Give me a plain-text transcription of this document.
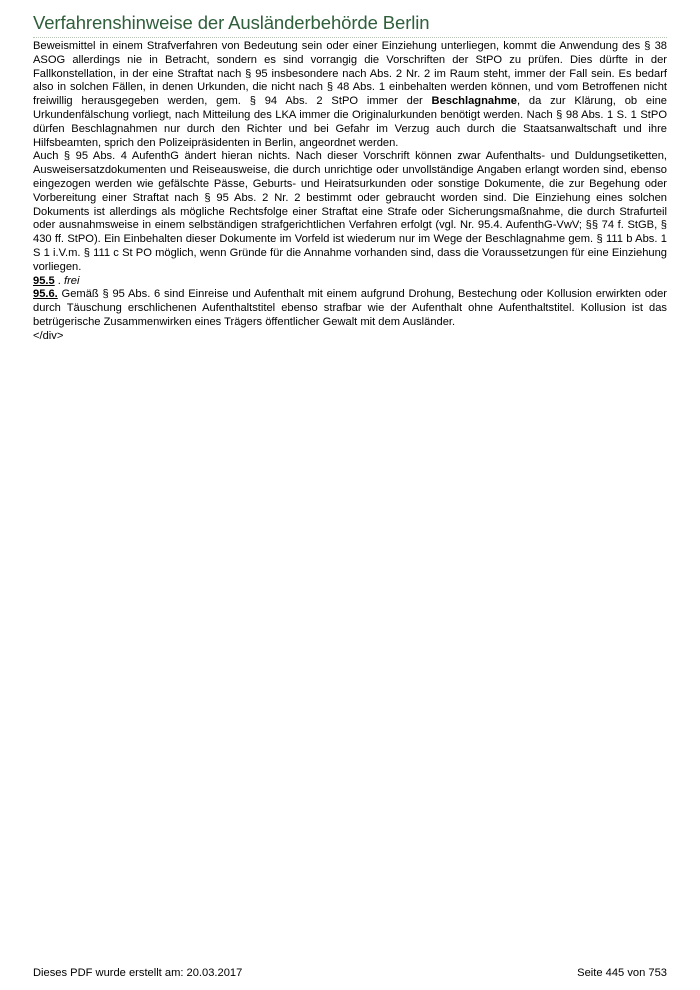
Verfahrenshinweise der Ausländerbehörde Berlin

Beweismittel in einem Strafverfahren von Bedeutung sein oder einer Einziehung unterliegen, kommt die Anwendung des § 38 ASOG allerdings nie in Betracht, sondern es sind vorrangig die Vorschriften der StPO zu prüfen. Dies dürfte in der Fallkonstellation, in der eine Straftat nach § 95 insbesondere nach Abs. 2 Nr. 2 im Raum steht, immer der Fall sein. Es bedarf also in solchen Fällen, in denen Urkunden, die nicht nach § 48 Abs. 1 einbehalten werden können, und vom Betroffenen nicht freiwillig herausgegeben werden, gem. § 94 Abs. 2 StPO immer der Beschlagnahme, da zur Klärung, ob eine Urkundenfälschung vorliegt, nach Mitteilung des LKA immer die Originalurkunden benötigt werden. Nach § 98 Abs. 1 S. 1 StPO dürfen Beschlagnahmen nur durch den Richter und bei Gefahr im Verzug auch durch die Staatsanwaltschaft und ihre Hilfsbeamten, sprich den Polizeipräsidenten in Berlin, angeordnet werden.

Auch § 95 Abs. 4 AufenthG ändert hieran nichts. Nach dieser Vorschrift können zwar Aufenthalts- und Duldungsetiketten, Ausweisersatzdokumenten und Reiseausweise, die durch unrichtige oder unvollständige Angaben erlangt worden sind, ebenso eingezogen werden wie gefälschte Pässe, Geburts- und Heiratsurkunden oder sonstige Dokumente, die zur Begehung oder Vorbereitung einer Straftat nach § 95 Abs. 2 Nr. 2 bestimmt oder gebraucht worden sind. Die Einziehung eines solchen Dokuments ist allerdings als mögliche Rechtsfolge einer Straftat eine Strafe oder Sicherungsmaßnahme, die durch Strafurteil oder ausnahmsweise in einem selbständigen strafgerichtlichen Verfahren erfolgt (vgl. Nr. 95.4. AufenthG-VwV; §§ 74 f. StGB, § 430 ff. StPO). Ein Einbehalten dieser Dokumente im Vorfeld ist wiederum nur im Wege der Beschlagnahme gem. § 111 b Abs. 1 S 1 i.V.m. § 111 c St PO möglich, wenn Gründe für die Annahme vorhanden sind, dass die Voraussetzungen für eine Einziehung vorliegen.

95.5 . frei

95.6. Gemäß § 95 Abs. 6 sind Einreise und Aufenthalt mit einem aufgrund Drohung, Bestechung oder Kollusion erwirkten oder durch Täuschung erschlichenen Aufenthaltstitel ebenso strafbar wie der Aufenthalt ohne Aufenthaltstitel. Kollusion ist das betrügerische Zusammenwirken eines Trägers öffentlicher Gewalt mit dem Ausländer.

</div>

Dieses PDF wurde erstellt am: 20.03.2017	Seite 445 von 753
